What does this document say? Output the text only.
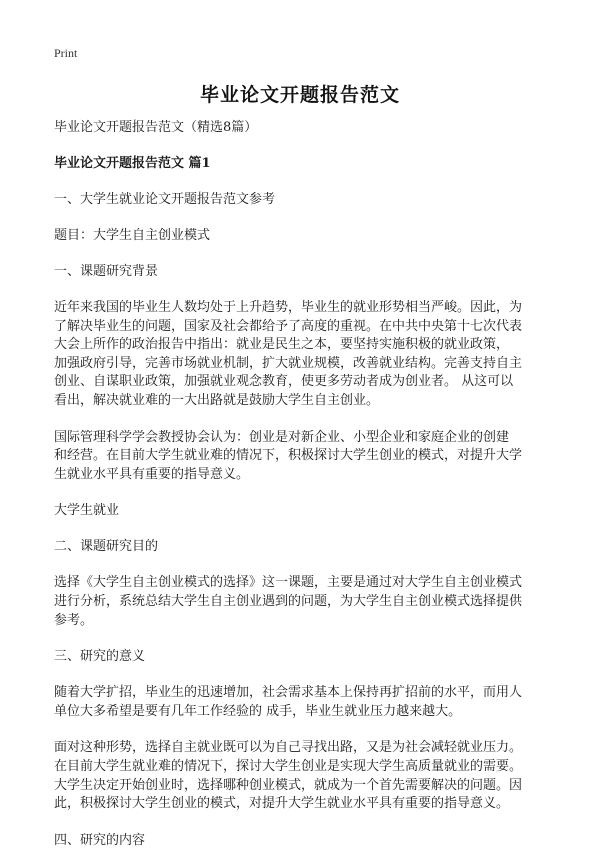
Print
毕业论文开题报告范文
毕业论文开题报告范文（精选8篇）
毕业论文开题报告范文 篇1
一、大学生就业论文开题报告范文参考
题目：大学生自主创业模式
一、课题研究背景
近年来我国的毕业生人数均处于上升趋势，毕业生的就业形势相当严峻。因此，为
了解决毕业生的问题，国家及社会都给予了高度的重视。在中共中央第十七次代表
大会上所作的政治报告中指出：就业是民生之本，要坚持实施积极的就业政策，
加强政府引导，完善市场就业机制，扩大就业规模，改善就业结构。完善支持自主
创业、自谋职业政策，加强就业观念教育，使更多劳动者成为创业者。 从这可以
看出，解决就业难的一大出路就是鼓励大学生自主创业。
国际管理科学学会教授协会认为：创业是对新企业、小型企业和家庭企业的创建
和经营。在目前大学生就业难的情况下，积极探讨大学生创业的模式，对提升大学
生就业水平具有重要的指导意义。
大学生就业
二、课题研究目的
选择《大学生自主创业模式的选择》这一课题，主要是通过对大学生自主创业模式
进行分析，系统总结大学生自主创业遇到的问题，为大学生自主创业模式选择提供
参考。
三、研究的意义
随着大学扩招，毕业生的迅速增加，社会需求基本上保持再扩招前的水平，而用人
单位大多希望是要有几年工作经验的 成手，毕业生就业压力越来越大。
面对这种形势，选择自主就业既可以为自己寻找出路，又是为社会减轻就业压力。
在目前大学生就业难的情况下，探讨大学生创业是实现大学生高质量就业的需要。
大学生决定开始创业时，选择哪种创业模式，就成为一个首先需要解决的问题。因
此，积极探讨大学生创业的模式，对提升大学生就业水平具有重要的指导意义。
四、研究的内容
